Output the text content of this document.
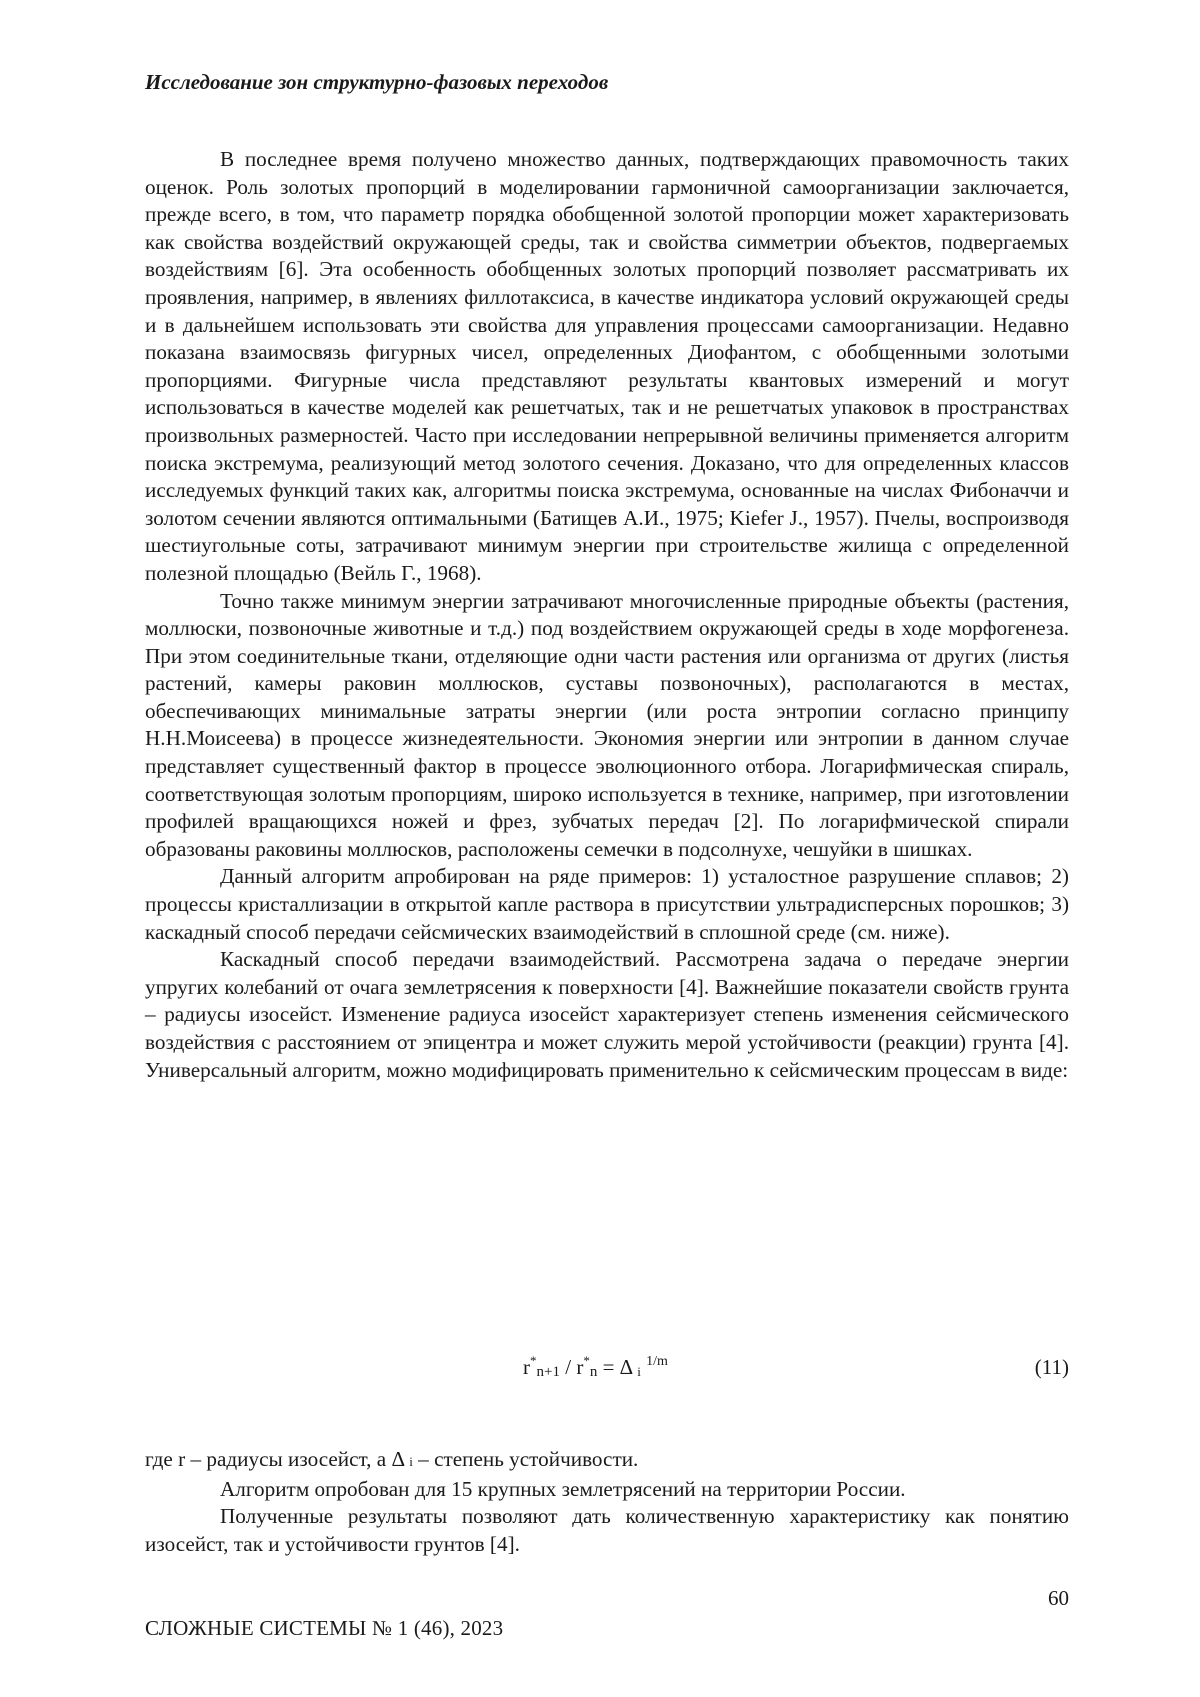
Исследование зон структурно-фазовых переходов

В последнее время получено множество данных, подтверждающих правомочность таких оценок. Роль золотых пропорций в моделировании гармоничной самоорганизации заключается, прежде всего, в том, что параметр порядка обобщенной золотой пропорции может характеризовать как свойства воздействий окружающей среды, так и свойства симметрии объектов, подвергаемых воздействиям [6]. Эта особенность обобщенных золотых пропорций позволяет рассматривать их проявления, например, в явлениях филлотаксиса, в качестве индикатора условий окружающей среды и в дальнейшем использовать эти свойства для управления процессами самоорганизации. Недавно показана взаимосвязь фигурных чисел, определенных Диофантом, с обобщенными золотыми пропорциями. Фигурные числа представляют результаты квантовых измерений и могут использоваться в качестве моделей как решетчатых, так и не решетчатых упаковок в пространствах произвольных размерностей. Часто при исследовании непрерывной величины применяется алгоритм поиска экстремума, реализующий метод золотого сечения. Доказано, что для определенных классов исследуемых функций таких как, алгоритмы поиска экстремума, основанные на числах Фибоначчи и золотом сечении являются оптимальными (Батищев А.И., 1975; Kiefer J., 1957). Пчелы, воспроизводя шестиугольные соты, затрачивают минимум энергии при строительстве жилища с определенной полезной площадью (Вейль Г., 1968).

Точно также минимум энергии затрачивают многочисленные природные объекты (растения, моллюски, позвоночные животные и т.д.) под воздействием окружающей среды в ходе морфогенеза. При этом соединительные ткани, отделяющие одни части растения или организма от других (листья растений, камеры раковин моллюсков, суставы позвоночных), располагаются в местах, обеспечивающих минимальные затраты энергии (или роста энтропии согласно принципу Н.Н.Моисеева) в процессе жизнедеятельности. Экономия энергии или энтропии в данном случае представляет существенный фактор в процессе эволюционного отбора. Логарифмическая спираль, соответствующая золотым пропорциям, широко используется в технике, например, при изготовлении профилей вращающихся ножей и фрез, зубчатых передач [2]. По логарифмической спирали образованы раковины моллюсков, расположены семечки в подсолнухе, чешуйки в шишках.

Данный алгоритм апробирован на ряде примеров: 1) усталостное разрушение сплавов; 2) процессы кристаллизации в открытой капле раствора в присутствии ультрадисперсных порошков; 3) каскадный способ передачи сейсмических взаимодействий в сплошной среде (см. ниже).

Каскадный способ передачи взаимодействий. Рассмотрена задача о передаче энергии упругих колебаний от очага землетрясения к поверхности [4]. Важнейшие показатели свойств грунта – радиусы изосейст. Изменение радиуса изосейст характеризует степень изменения сейсмического воздействия с расстоянием от эпицентра и может служить мерой устойчивости (реакции) грунта [4]. Универсальный алгоритм, можно модифицировать применительно к сейсмическим процессам в виде:

r*n+1 / r*n = Δ i 1/m	(11)

где r – радиусы изосейст, а Δ i – степень устойчивости.

Алгоритм опробован для 15 крупных землетрясений на территории России.

Полученные результаты позволяют дать количественную характеристику как понятию изосейст, так и устойчивости грунтов [4].

60
СЛОЖНЫЕ СИСТЕМЫ № 1 (46), 2023
